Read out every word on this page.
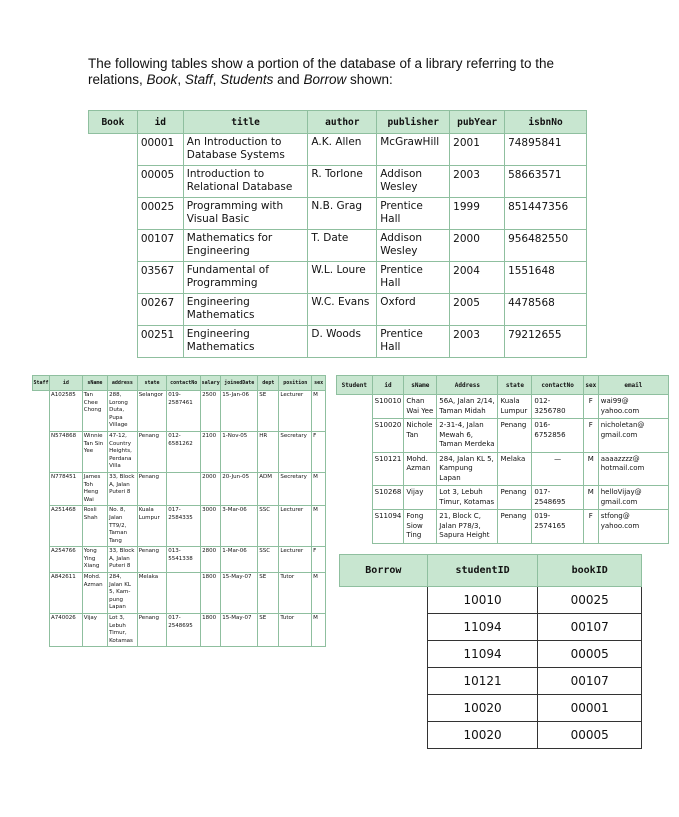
The following tables show a portion of the database of a library referring to the
relations, Book, Staff, Students and Borrow shown:
Book	id	title	author	publisher	pubYear	isbnNo
	00001	An Introduction to Database Systems	A.K. Allen	McGrawHill	2001	74895841
	00005	Introduction to Relational Database	R. Torlone	Addison Wesley	2003	58663571
	00025	Programming with Visual Basic	N.B. Grag	Prentice Hall	1999	851447356
	00107	Mathematics for Engineering	T. Date	Addison Wesley	2000	956482550
	03567	Fundamental of Programming	W.L. Loure	Prentice Hall	2004	1551648
	00267	Engineering Mathematics	W.C. Evans	Oxford	2005	4478568
	00251	Engineering Mathematics	D. Woods	Prentice Hall	2003	79212655
Staff	id	sName	address	state	contactNo	salary	joinedDate	dept	position	sex
	A102585	Tan Chee Chong	288, Lorong Duta, Pupa Village	Selangor	019-2587461	2500	15-Jan-06	SE	Lecturer	M
	N574868	Winnie Tan Sin Yee	47-12, Country Heights, Perdana Villa	Penang	012-6581262	2100	1-Nov-05	HR	Secretary	F
	N778451	James Toh Heng Wai	33, Block A, Jalan Puteri 8	Penang		2000	20-Jun-05	ADM	Secretary	M
	A251468	Rosli Shah	No. 8, Jalan TT9/2, Taman Tang	Kuala Lumpur	017-2584335	3000	3-Mar-06	SSC	Lecturer	M
	A254766	Yong Ying Xiang	33, Block A, Jalan Puteri 8	Penang	013-5541338	2800	1-Mar-06	SSC	Lecturer	F
	A842611	Mohd. Azman	284, Jalan KL 5, Kam-pung Lapan	Melaka		1800	15-May-07	SE	Tutor	M
	A740026	Vijay	Lot 3, Lebuh Timur, Kotamas	Penang	017-2548695	1800	15-May-07	SE	Tutor	M
Student	id	sName	Address	state	contactNo	sex	email
	S10010	Chan Wai Yee	56A, Jalan 2/14, Taman Midah	Kuala Lumpur	012-3256780	F	wai99@ yahoo.com
	S10020	Nichole Tan	2-31-4, Jalan Mewah 6, Taman Merdeka	Penang	016-6752856	F	nicholetan@ gmail.com
	S10121	Mohd. Azman	284, Jalan KL 5, Kampung Lapan	Melaka	—	M	aaaazzzz@ hotmail.com
	S10268	Vijay	Lot 3, Lebuh Timur, Kotamas	Penang	017-2548695	M	helloVijay@ gmail.com
	S11094	Fong Siow Ting	21, Block C, Jalan P78/3, Sapura Height	Penang	019-2574165	F	stfong@ yahoo.com
Borrow	studentID	bookID
	10010	00025
	11094	00107
	11094	00005
	10121	00107
	10020	00001
	10020	00005
